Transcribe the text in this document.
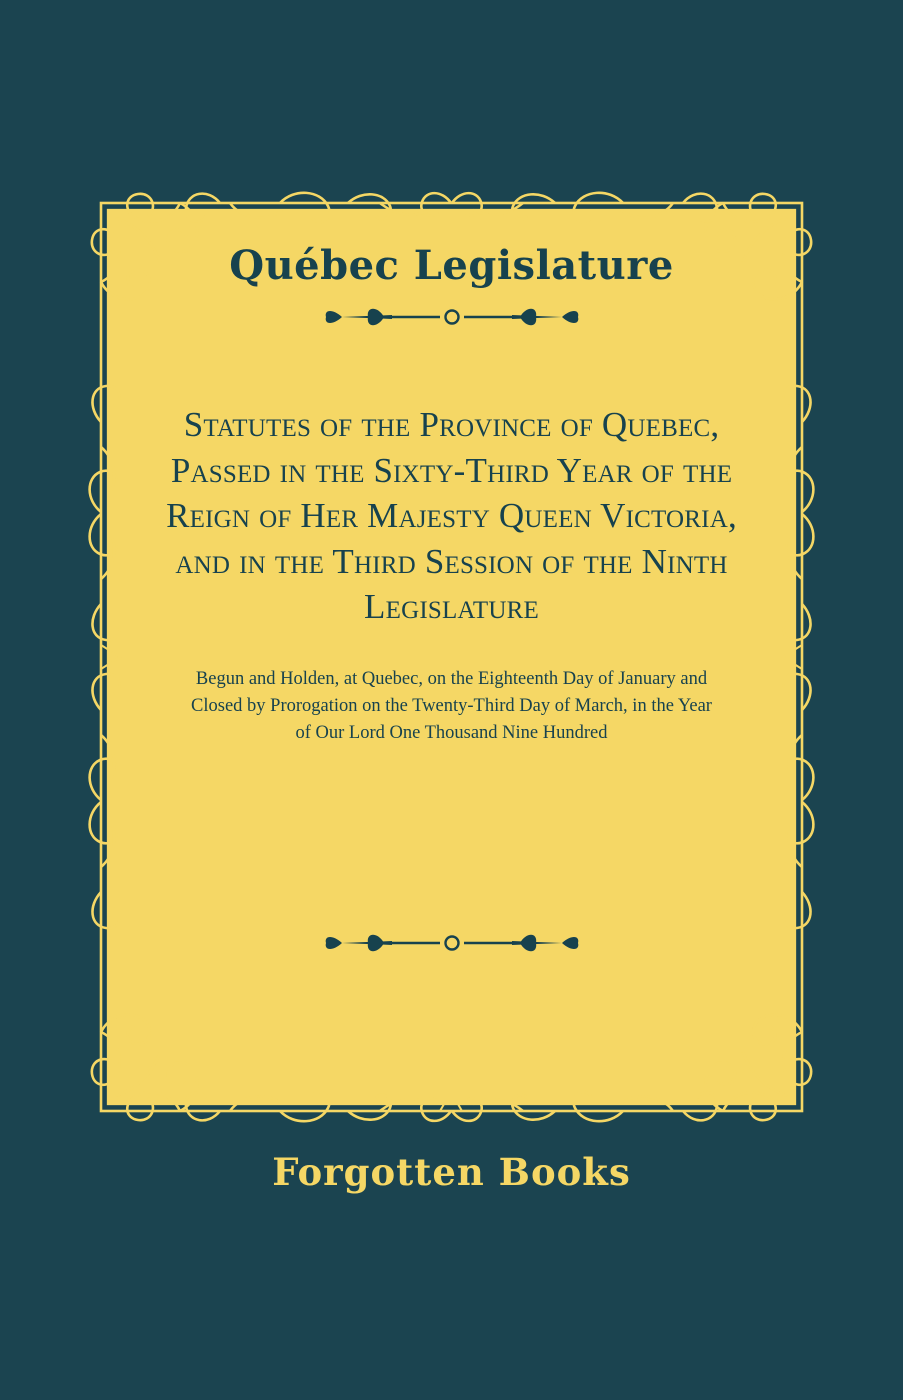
Québec Legislature
Statutes of the Province of Quebec, Passed in the Sixty-Third Year of the Reign of Her Majesty Queen Victoria, and in the Third Session of the Ninth Legislature
Begun and Holden, at Quebec, on the Eighteenth Day of January and Closed by Prorogation on the Twenty-Third Day of March, in the Year of Our Lord One Thousand Nine Hundred
Forgotten Books
